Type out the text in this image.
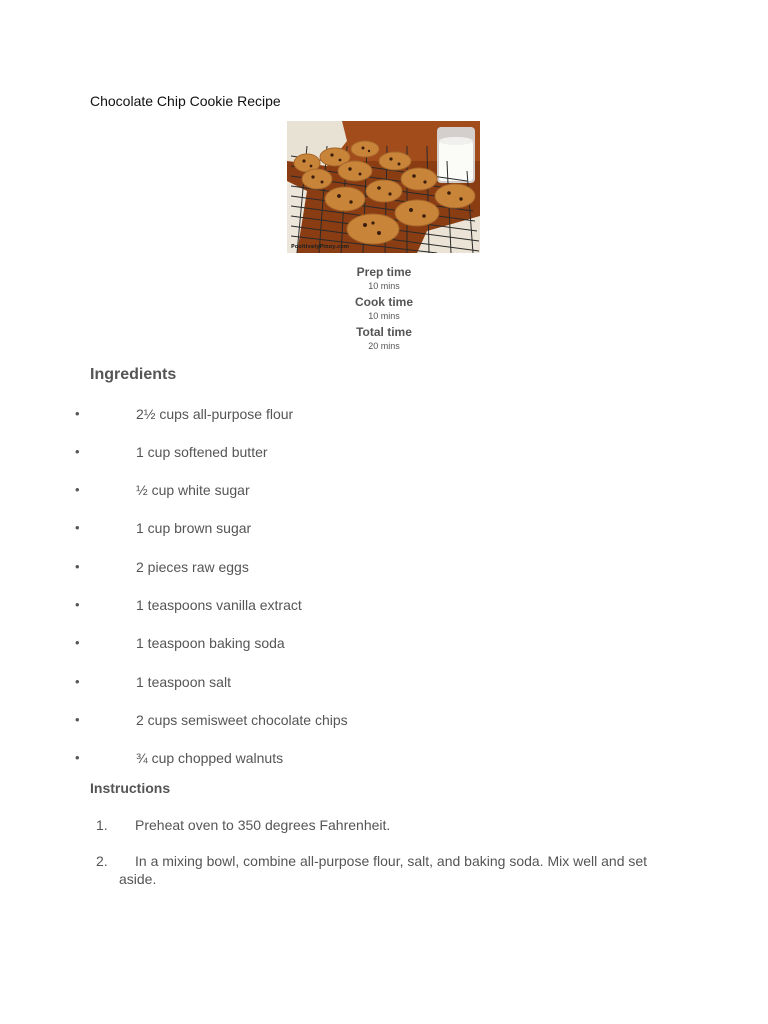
Chocolate Chip Cookie Recipe
PositivelyPinoy.com
Prep time
10 mins
Cook time
10 mins
Total time
20 mins
Ingredients
•	2½ cups all-purpose flour
•	1 cup softened butter
•	½ cup white sugar
•	1 cup brown sugar
•	2 pieces raw eggs
•	1 teaspoons vanilla extract
•	1 teaspoon baking soda
•	1 teaspoon salt
•	2 cups semisweet chocolate chips
•	¾ cup chopped walnuts
Instructions
1. Preheat oven to 350 degrees Fahrenheit.
2.	In a mixing bowl, combine all-purpose flour, salt, and baking soda. Mix well and set aside.
